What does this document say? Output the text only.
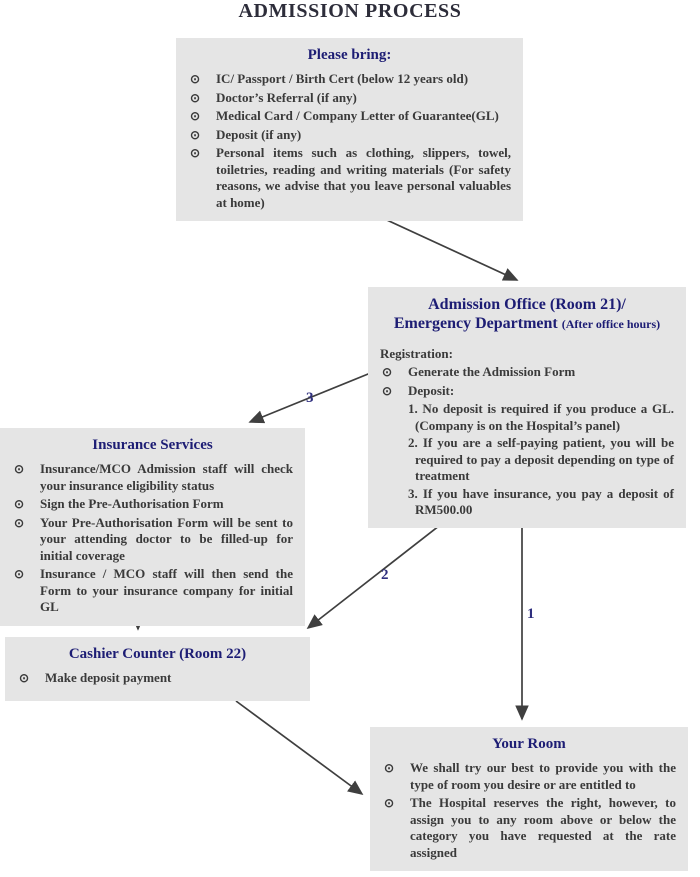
ADMISSION PROCESS
3
2
1
Please bring:
⊙	IC/ Passport / Birth Cert (below 12 years old)
⊙	Doctor’s Referral (if any)
⊙	Medical Card / Company Letter of Guarantee(GL)
⊙	Deposit (if any)
⊙	Personal items such as clothing, slippers, towel, toiletries, reading and writing materials (For safety reasons, we advise that you leave personal valuables at home)
Admission Office (Room 21)/
Emergency Department (After office hours)
Registration:
⊙	Generate the Admission Form
⊙	Deposit:
1. No deposit is required if you produce a GL. (Company is on the Hospital’s panel)
2. If you are a self-paying patient, you will be required to pay a deposit depending on type of treatment
3. If you have insurance, you pay a deposit of RM500.00
Insurance Services
⊙	Insurance/MCO Admission staff will check your insurance eligibility status
⊙	Sign the Pre-Authorisation Form
⊙	Your Pre-Authorisation Form will be sent to your attending doctor to be filled-up for initial coverage
⊙	Insurance / MCO staff will then send the Form to your insurance company for initial GL
Cashier Counter (Room 22)
⊙	Make deposit payment
Your Room
⊙	We shall try our best to provide you with the type of room you desire or are entitled to
⊙	The Hospital reserves the right, however, to assign you to any room above or below the category you have requested at the rate assigned
